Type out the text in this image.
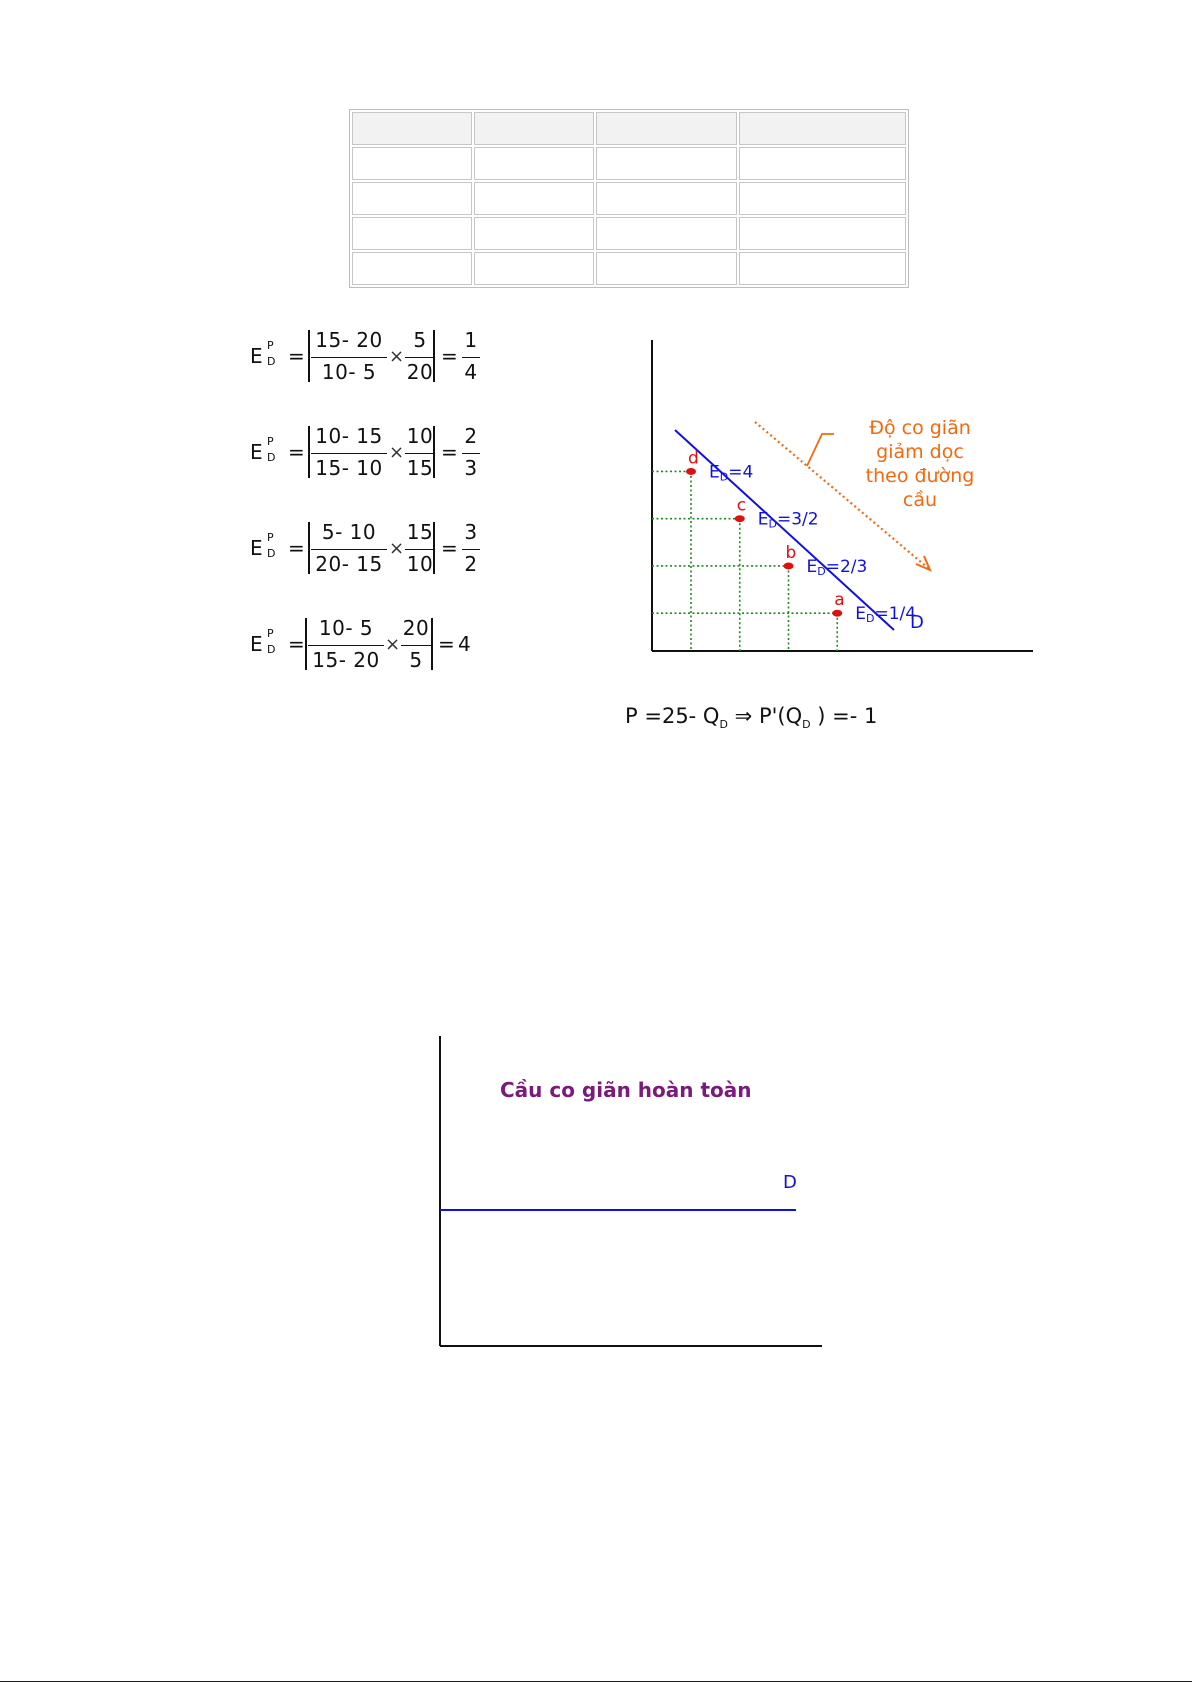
E P
D =
15- 20
10- 5
×
5
20
=
1
4
E P
D =
10- 15
15- 10
×
10
15
=
2
3
E P
D =
5- 10
20- 15
×
15
10
=
3
2
E P
D =
10- 5
15- 20
×
20
5
= 4
Độ co giãn
giảm dọc
theo đường
cầu
d
ED=4
c
ED=3/2
b
ED=2/3
a
ED=1/4
D
P =25- $Q_D$ ⇒ $P'(Q_D$ ) =- 1
Cầu co giãn hoàn toàn
D
